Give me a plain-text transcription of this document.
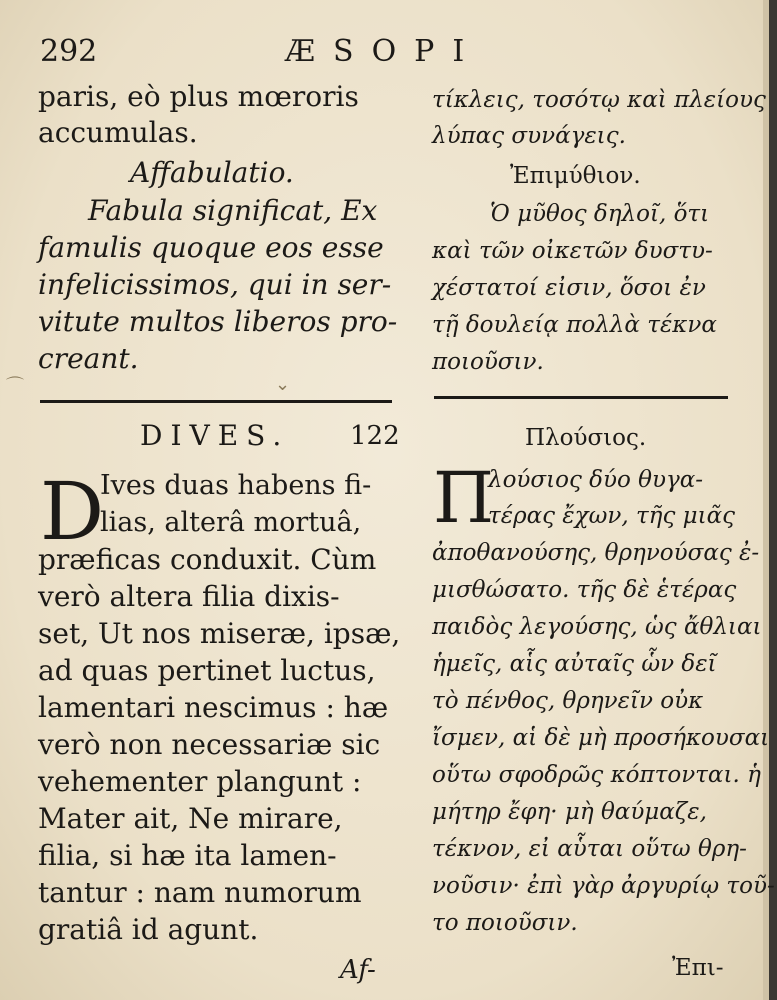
292	ÆSOPI
paris, eò plus mœroris
accumulas.
Affabulatio.
Fabula significat, Ex
famulis quoque eos esse
infelicissimos, qui in ser-
vitute multos liberos pro-
creant.
⌒	⌄
DIVES. 122
D
Ives duas habens fi-
lias, alterâ mortuâ,
præficas conduxit. Cùm
verò altera filia dixis-
set, Ut nos miseræ, ipsæ,
ad quas pertinet luctus,
lamentari nescimus : hæ
verò non necessariæ sic
vehementer plangunt :
Mater ait, Ne mirare,
filia, si hæ ita lamen-
tantur : nam numorum
gratiâ id agunt.
Af-
τίκλεις, τοσότῳ καὶ πλείους
λύπας συνάγεις.
Ἐπιμύθιον.
Ὁ μῦθος δηλοῖ, ὅτι
καὶ τῶν οἰκετῶν δυστυ-
χέστατοί εἰσιν, ὅσοι ἐν
τῇ δουλείᾳ πολλὰ τέκνα
ποιοῦσιν.
Πλούσιος.
Π
λούσιος δύο θυγα-
τέρας ἔχων, τῆς μιᾶς
ἀποθανούσης, θρηνούσας ἐ-
μισθώσατο. τῆς δὲ ἑτέρας
παιδὸς λεγούσης, ὡς ἄθλιαι
ἡμεῖς, αἷς αὐταῖς ὧν δεῖ
τὸ πένθος, θρηνεῖν οὐκ
ἴσμεν, αἱ δὲ μὴ προσήκουσαι
οὕτω σφοδρῶς κόπτονται. ἡ
μήτηρ ἔφη· μὴ θαύμαζε,
τέκνον, εἰ αὗται οὕτω θρη-
νοῦσιν· ἐπὶ γὰρ ἀργυρίῳ τοῦ-
το ποιοῦσιν.
Ἐπι-
